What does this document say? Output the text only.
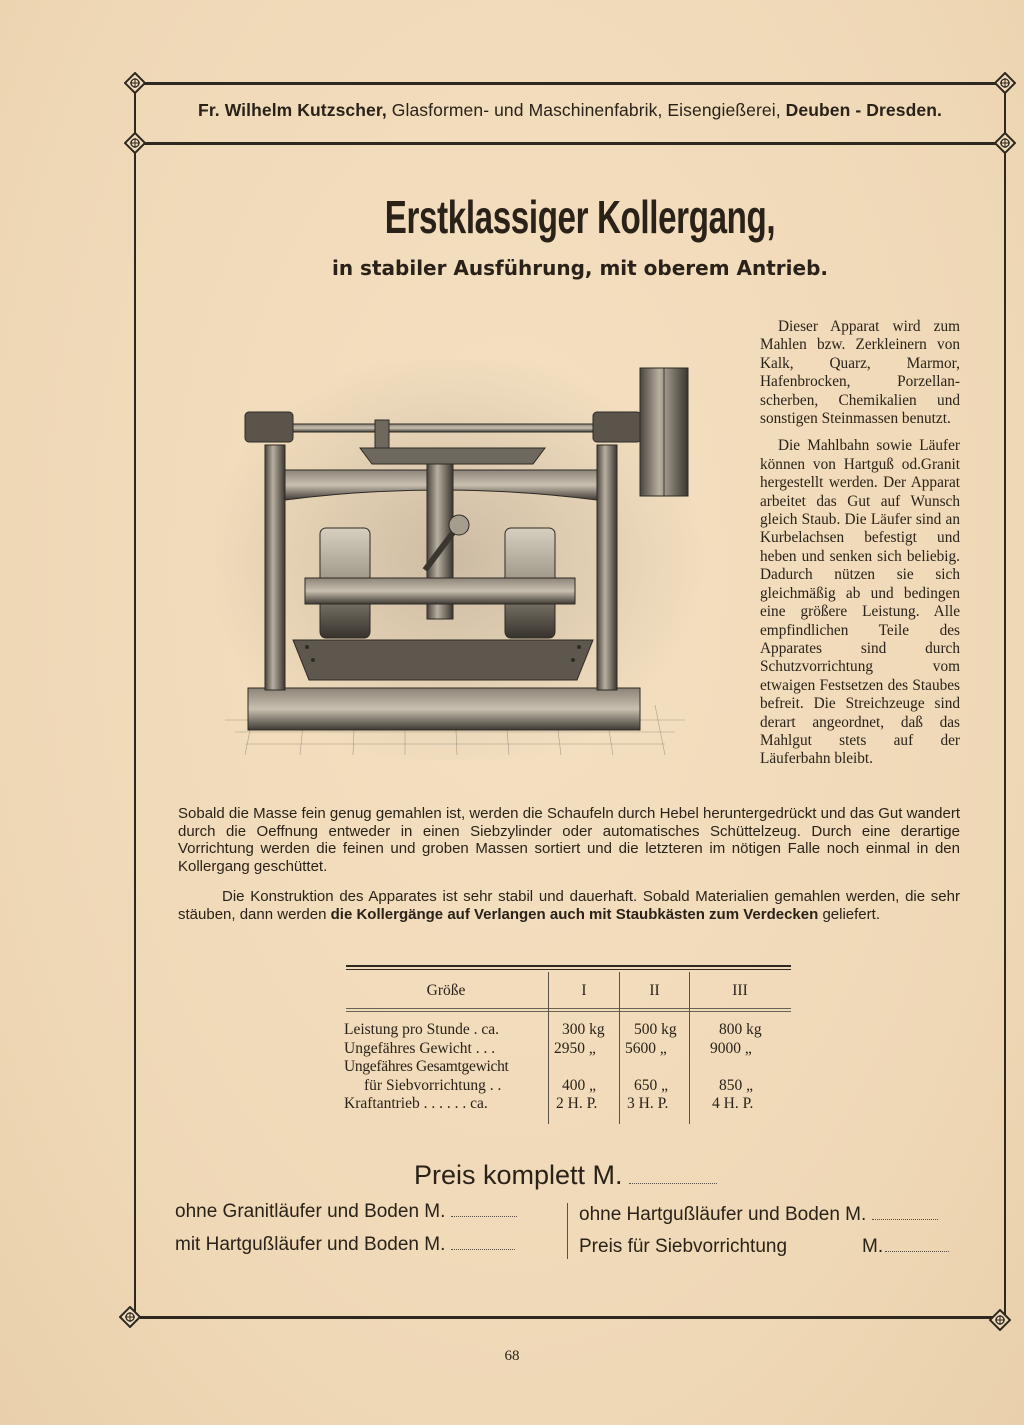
Fr. Wilhelm Kutzscher, Glasformen- und Maschinenfabrik, Eisengießerei, Deuben - Dresden.
Erstklassiger Kollergang,
in stabiler Ausführung, mit oberem Antrieb.

Dieser Apparat wird zum Mahlen bzw. Zerkleinern von Kalk, Quarz, Marmor, Hafenbrocken, Porzellanscherben, Chemikalien und sonstigen Steinmassen benutzt.

Die Mahlbahn sowie Läufer können von Hartguß od.Granit hergestellt werden. Der Apparat arbeitet das Gut auf Wunsch gleich Staub. Die Läufer sind an Kurbelachsen befestigt und heben und senken sich beliebig. Dadurch nützen sie sich gleichmäßig ab und bedingen eine größere Leistung. Alle empfindlichen Teile des Apparates sind durch Schutzvorrichtung vom etwaigen Festsetzen des Staubes befreit. Die Streichzeuge sind derart angeordnet, daß das Mahlgut stets auf der Läuferbahn bleibt.

Sobald die Masse fein genug gemahlen ist, werden die Schaufeln durch Hebel heruntergedrückt und das Gut wandert durch die Oeffnung entweder in einen Siebzylinder oder automatisches Schüttelzeug. Durch eine derartige Vorrichtung werden die feinen und groben Massen sortiert und die letzteren im nötigen Falle noch einmal in den Kollergang geschüttet.
Die Konstruktion des Apparates ist sehr stabil und dauerhaft. Sobald Materialien gemahlen werden, die sehr stäuben, dann werden die Kollergänge auf Verlangen auch mit Staubkästen zum Verdecken geliefert.
Größe	I	II	III
Leistung pro Stunde . ca.	300 kg 500 kg	800 kg
Ungefähres Gewicht . . .	2950 „ 5600 „	9000 „
Ungefähres Gesamtgewicht
für Siebvorrichtung . .	400 „ 650 „	850 „
Kraftantrieb . . . . . . ca.	2 H. P. 3 H. P.	4 H. P.
Preis komplett M.
ohne Granitläufer und Boden M.
mit Hartgußläufer und Boden M.
ohne Hartgußläufer und Boden M.
Preis für Siebvorrichtung	M.
68
